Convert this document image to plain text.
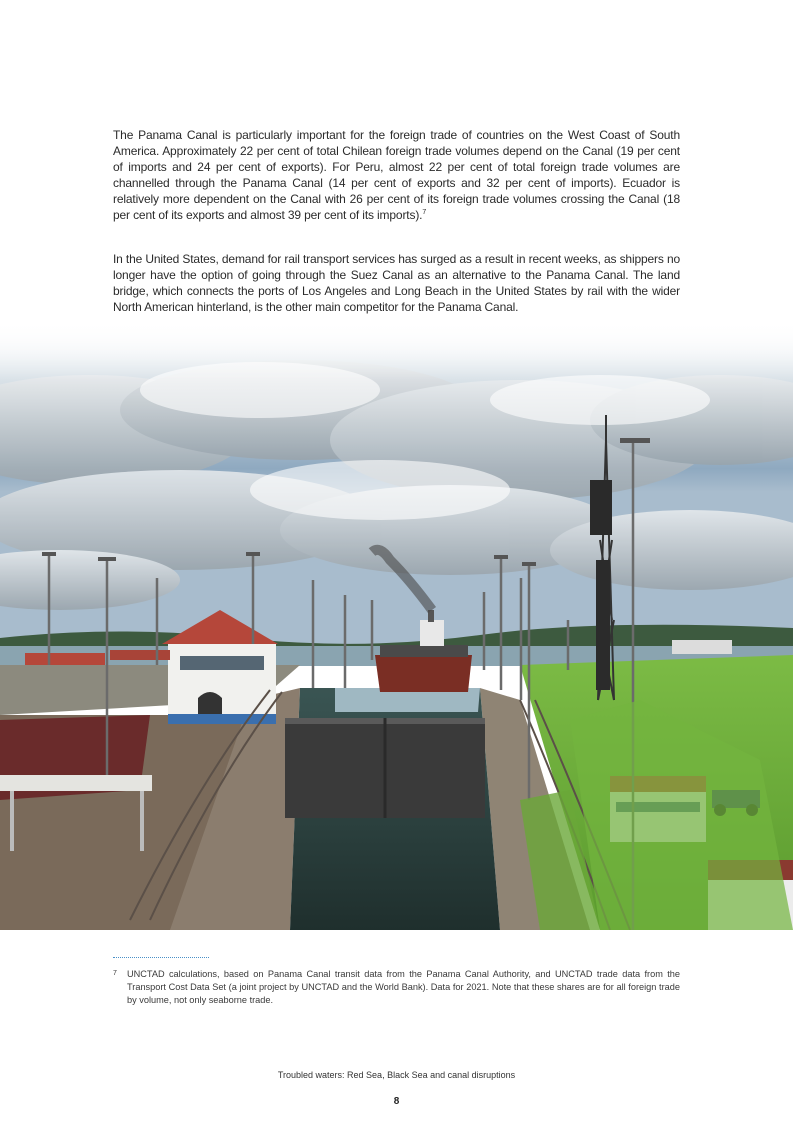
The Panama Canal is particularly important for the foreign trade of countries on the West Coast of South America. Approximately 22 per cent of total Chilean foreign trade volumes depend on the Canal (19 per cent of imports and 24 per cent of exports). For Peru, almost 22 per cent of total foreign trade volumes are channelled through the Panama Canal (14 per cent of exports and 32 per cent of imports). Ecuador is relatively more dependent on the Canal with 26 per cent of its foreign trade volumes crossing the Canal (18 per cent of its exports and almost 39 per cent of its imports).$^7$

In the United States, demand for rail transport services has surged as a result in recent weeks, as shippers no longer have the option of going through the Suez Canal as an alternative to the Panama Canal. The land bridge, which connects the ports of Los Angeles and Long Beach in the United States by rail with the wider North American hinterland, is the other main competitor for the Panama Canal.

7	UNCTAD calculations, based on Panama Canal transit data from the Panama Canal Authority, and UNCTAD trade data from the Transport Cost Data Set (a joint project by UNCTAD and the World Bank). Data for 2021. Note that these shares are for all foreign trade by volume, not only seaborne trade.
Troubled waters: Red Sea, Black Sea and canal disruptions
8
